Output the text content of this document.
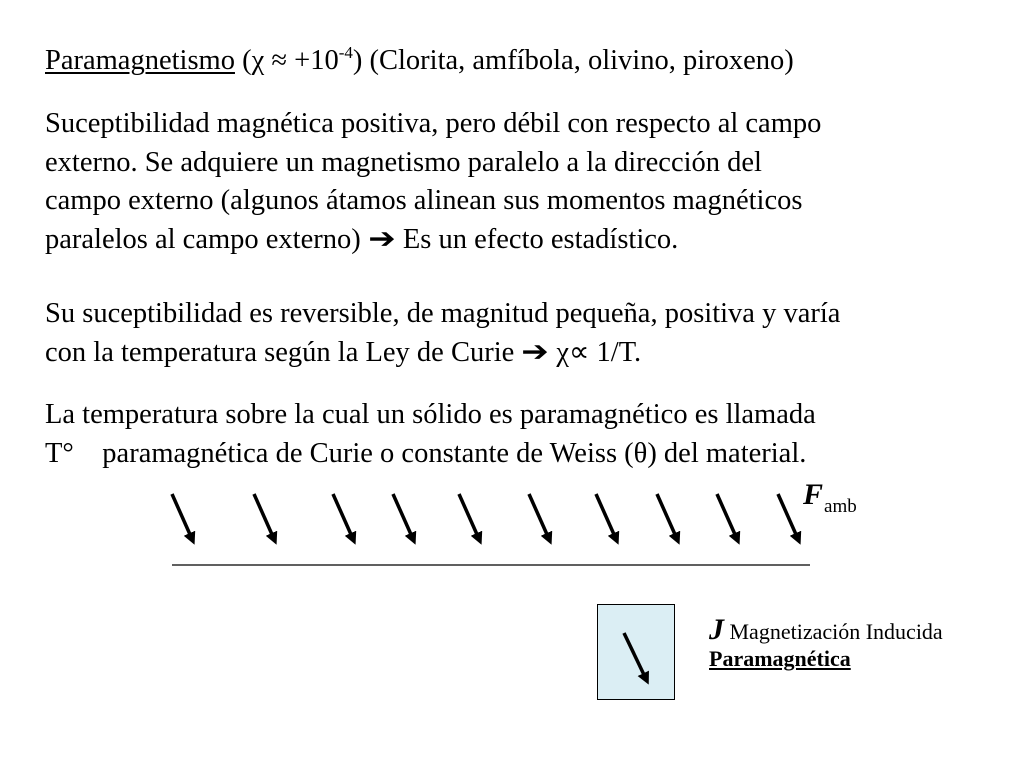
Paramagnetismo $(\chi \approx +10^{-4})$ (Clorita, amfíbola, olivino, piroxeno)

Suceptibilidad magnética positiva, pero débil con respecto al campo
externo. Se adquiere un magnetismo paralelo a la dirección del
campo externo (algunos átamos alinean sus momentos magnéticos
paralelos al campo externo) ➔ Es un efecto estadístico.
Su suceptibilidad es reversible, de magnitud pequeña, positiva y varía
con la temperatura según la Ley de Curie ➔ χ∝ 1/T.
La temperatura sobre la cual un sólido es paramagnético es llamada
T°    paramagnética de Curie o constante de Weiss (θ) del material.
$F_{amb}$
J Magnetización Inducida
Paramagnética
